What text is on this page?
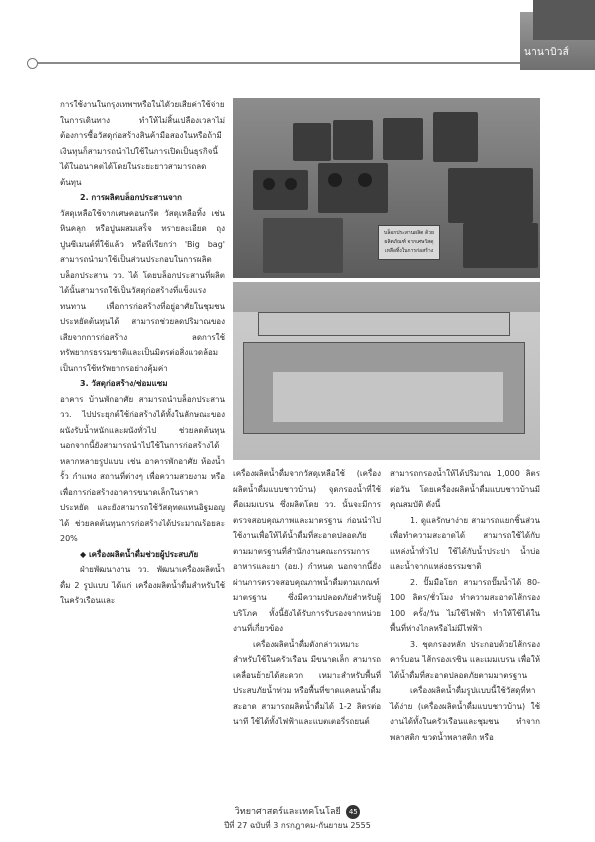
นานาบิวส์
บล็อกประสานผลิต ด้วยผลิตภัณฑ์ จากเศษวัสดุเหลือทิ้งในการก่อสร้าง

การใช้งานในกรุงเทพฯหรือในไดัวยเสียค่าใช้จ่ายในการเดินทาง ทำให้ไม่สิ้นเปลืองเวลาไม่ต้องการซื้อวัสดุก่อสร้างสินค้ามือสองในหรือถ้ามีเงินทุนก็สามารถนำไปใช้ในการเปิดเป็นธุรกิจนี้ได้ในอนาคตได้โดยในระยะยาวสามารถลดต้นทุน

2. การผลิตบล็อกประสานจาก

วัสดุเหลือใช้จากเศษคอนกรีต วัสดุเหลือทิ้ง เช่น หินคลุก หรือปูนผสมเสร็จ ทรายละเอียด ถุงปูนซีเมนต์ที่ใช้แล้ว หรือที่เรียกว่า 'Big bag' สามารถนำมาใช้เป็นส่วนประกอบในการผลิตบล็อกประสาน วว. ได้ โดยบล็อกประสานที่ผลิตได้นั้นสามารถใช้เป็นวัสดุก่อสร้างที่แข็งแรงทนทาน เพื่อการก่อสร้างที่อยู่อาศัยในชุมชนประหยัดต้นทุนได้ สามารถช่วยลดปริมาณของเสียจากการก่อสร้าง ลดการใช้ทรัพยากรธรรมชาติและเป็นมิตรต่อสิ่งแวดล้อม เป็นการใช้ทรัพยากรอย่างคุ้มค่า

3. วัสดุก่อสร้าง/ซ่อมแซม

อาคาร บ้านพักอาศัย สามารถนำบล็อกประสาน วว. ไปประยุกต์ใช้ก่อสร้างได้ทั้งในลักษณะของผนังรับน้ำหนักและผนังทั่วไป ช่วยลดต้นทุน นอกจากนี้ยังสามารถนำไปใช้ในการก่อสร้างได้หลากหลายรูปแบบ เช่น อาคารพักอาศัย ห้องน้ำ รั้ว กำแพง สถานที่ต่างๆ เพื่อความสวยงาม หรือเพื่อการก่อสร้างอาคารขนาดเล็กในราคาประหยัด และยังสามารถใช้วัสดุทดแทนอิฐมอญได้ ช่วยลดต้นทุนการก่อสร้างได้ประมาณร้อยละ 20%

◆ เครื่องผลิตน้ำดื่มช่วยผู้ประสบภัย

ฝ่ายพัฒนางาน วว. พัฒนาเครื่องผลิตน้ำดื่ม 2 รูปแบบ ได้แก่ เครื่องผลิตน้ำดื่มสำหรับใช้ในครัวเรือนและ

เครื่องผลิตน้ำดื่มจากวัสดุเหลือใช้ (เครื่องผลิตน้ำดื่มแบบชาวบ้าน) จุดกรองน้ำที่ใช้คือเมมเบรน ซึ่งผลิตโดย วว. นั้นจะมีการตรวจสอบคุณภาพและมาตรฐาน ก่อนนำไปใช้งานเพื่อให้ได้น้ำดื่มที่สะอาดปลอดภัยตามมาตรฐานที่สำนักงานคณะกรรมการอาหารและยา (อย.) กำหนด นอกจากนี้ยังผ่านการตรวจสอบคุณภาพน้ำดื่มตามเกณฑ์มาตรฐาน ซึ่งมีความปลอดภัยสำหรับผู้บริโภค ทั้งนี้ยังได้รับการรับรองจากหน่วยงานที่เกี่ยวข้อง

เครื่องผลิตน้ำดื่มดังกล่าวเหมาะสำหรับใช้ในครัวเรือน มีขนาดเล็ก สามารถเคลื่อนย้ายได้สะดวก เหมาะสำหรับพื้นที่ประสบภัยน้ำท่วม หรือพื้นที่ขาดแคลนน้ำดื่มสะอาด สามารถผลิตน้ำดื่มได้ 1-2 ลิตรต่อนาที ใช้ได้ทั้งไฟฟ้าและแบตเตอรี่รถยนต์

สามารถกรองน้ำให้ได้ปริมาณ 1,000 ลิตรต่อวัน โดยเครื่องผลิตน้ำดื่มแบบชาวบ้านมีคุณสมบัติ ดังนี้

1. ดูแลรักษาง่าย สามารถแยกชิ้นส่วนเพื่อทำความสะอาดได้ สามารถใช้ได้กับแหล่งน้ำทั่วไป ใช้ได้กับน้ำประปา น้ำบ่อ และน้ำจากแหล่งธรรมชาติ

2. ปั๊มมือโยก สามารถปั๊มน้ำได้ 80-100 ลิตร/ชั่วโมง ทำความสะอาดไส้กรอง 100 ครั้ง/วัน ไม่ใช้ไฟฟ้า ทำให้ใช้ได้ในพื้นที่ห่างไกลหรือไม่มีไฟฟ้า

3. ชุดกรองหลัก ประกอบด้วยไส้กรองคาร์บอน ไส้กรองเรซิน และเมมเบรน เพื่อให้ได้น้ำดื่มที่สะอาดปลอดภัยตามมาตรฐาน

เครื่องผลิตน้ำดื่มรูปแบบนี้ใช้วัสดุที่หาได้ง่าย (เครื่องผลิตน้ำดื่มแบบชาวบ้าน) ใช้งานได้ทั้งในครัวเรือนและชุมชน ทำจากพลาสติก ขวดน้ำพลาสติก หรือ

วิทยาศาสตร์และเทคโนโลยี 45
ปีที่ 27 ฉบับที่ 3 กรกฎาคม-กันยายน 2555
